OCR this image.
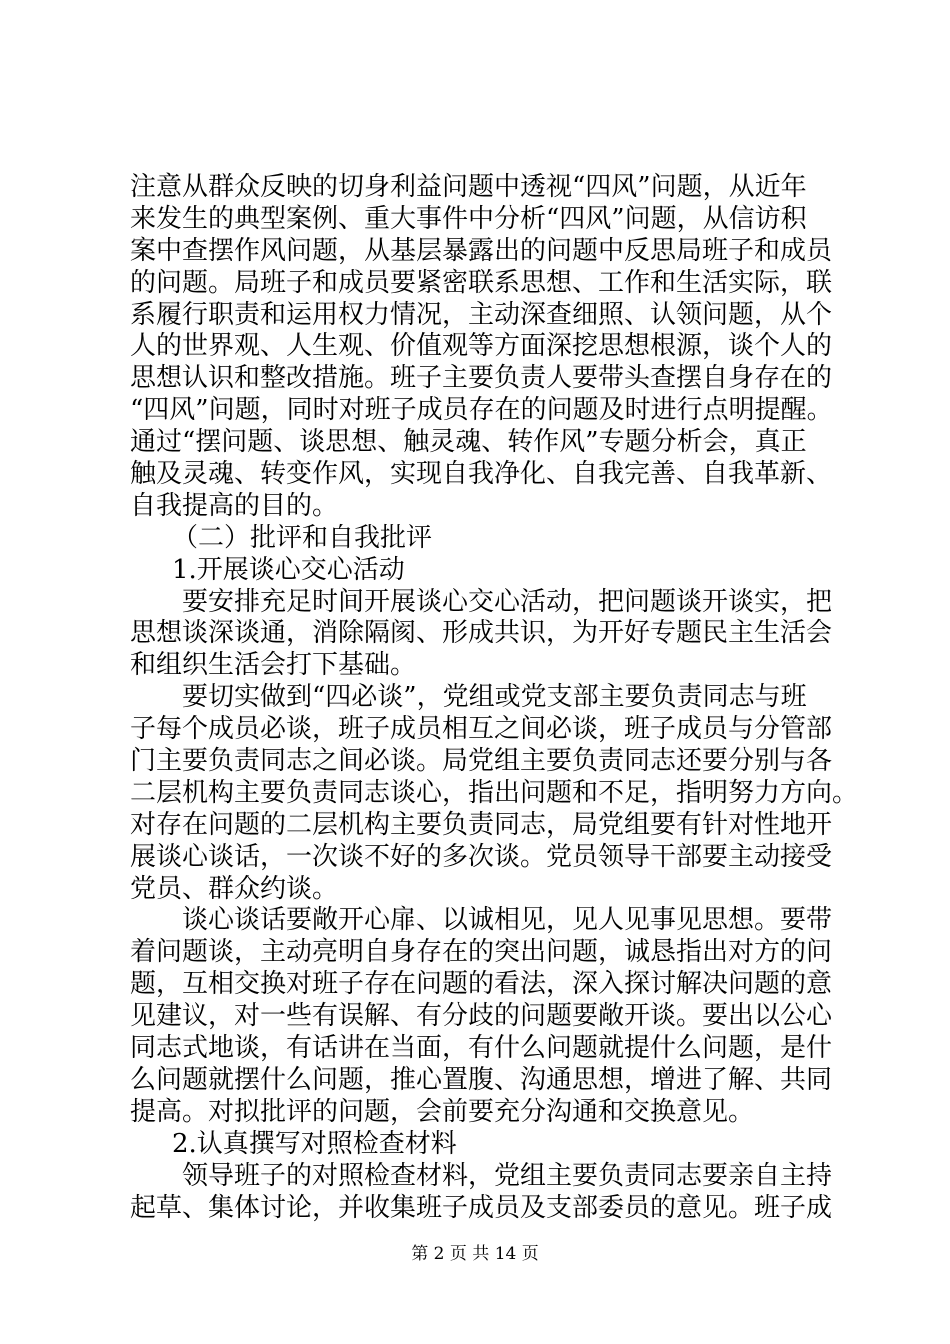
注意从群众反映的切身利益问题中透视“四风”问题，从近年
来发生的典型案例、重大事件中分析“四风”问题，从信访积
案中查摆作风问题，从基层暴露出的问题中反思局班子和成员
的问题。局班子和成员要紧密联系思想、工作和生活实际，联
系履行职责和运用权力情况，主动深查细照、认领问题，从个
人的世界观、人生观、价值观等方面深挖思想根源，谈个人的
思想认识和整改措施。班子主要负责人要带头查摆自身存在的
“四风”问题，同时对班子成员存在的问题及时进行点明提醒。
通过“摆问题、谈思想、触灵魂、转作风”专题分析会，真正
触及灵魂、转变作风，实现自我净化、自我完善、自我革新、
自我提高的目的。
（二）批评和自我批评
1.开展谈心交心活动
要安排充足时间开展谈心交心活动，把问题谈开谈实，把
思想谈深谈通，消除隔阂、形成共识，为开好专题民主生活会
和组织生活会打下基础。
要切实做到“四必谈”，党组或党支部主要负责同志与班
子每个成员必谈，班子成员相互之间必谈，班子成员与分管部
门主要负责同志之间必谈。局党组主要负责同志还要分别与各
二层机构主要负责同志谈心，指出问题和不足，指明努力方向。
对存在问题的二层机构主要负责同志，局党组要有针对性地开
展谈心谈话，一次谈不好的多次谈。党员领导干部要主动接受
党员、群众约谈。
谈心谈话要敞开心扉、以诚相见，见人见事见思想。要带
着问题谈，主动亮明自身存在的突出问题，诚恳指出对方的问
题，互相交换对班子存在问题的看法，深入探讨解决问题的意
见建议，对一些有误解、有分歧的问题要敞开谈。要出以公心
同志式地谈，有话讲在当面，有什么问题就提什么问题，是什
么问题就摆什么问题，推心置腹、沟通思想，增进了解、共同
提高。对拟批评的问题，会前要充分沟通和交换意见。
2.认真撰写对照检查材料
领导班子的对照检查材料，党组主要负责同志要亲自主持
起草、集体讨论，并收集班子成员及支部委员的意见。班子成
第 2 页 共 14 页
